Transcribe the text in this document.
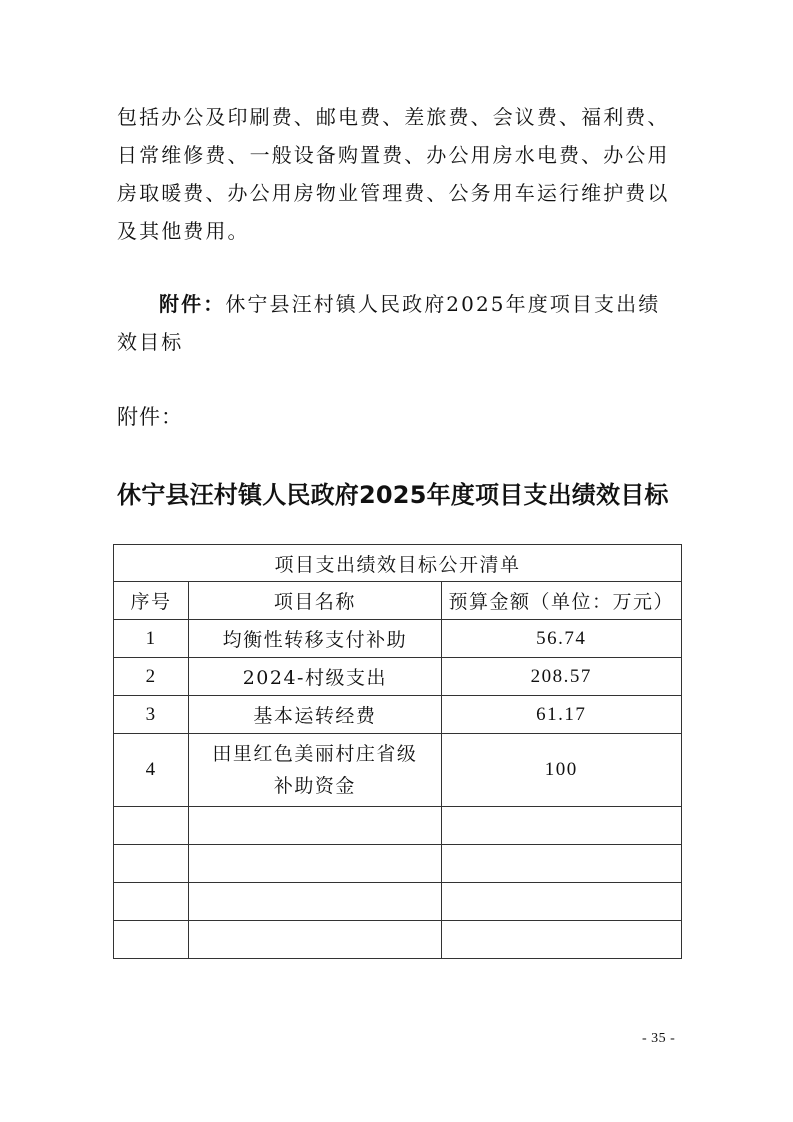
包括办公及印刷费、邮电费、差旅费、会议费、福利费、日常维修费、一般设备购置费、办公用房水电费、办公用房取暖费、办公用房物业管理费、公务用车运行维护费以及其他费用。

附件：休宁县汪村镇人民政府2025年度项目支出绩效目标

附件：

休宁县汪村镇人民政府2025年度项目支出绩效目标
项目支出绩效目标公开清单		
序号	项目名称	预算金额（单位：万元）
1	均衡性转移支付补助	56.74
2	2024-村级支出	208.57
3	基本运转经费	61.17
4	田里红色美丽村庄省级补助资金	100

- 35 -
